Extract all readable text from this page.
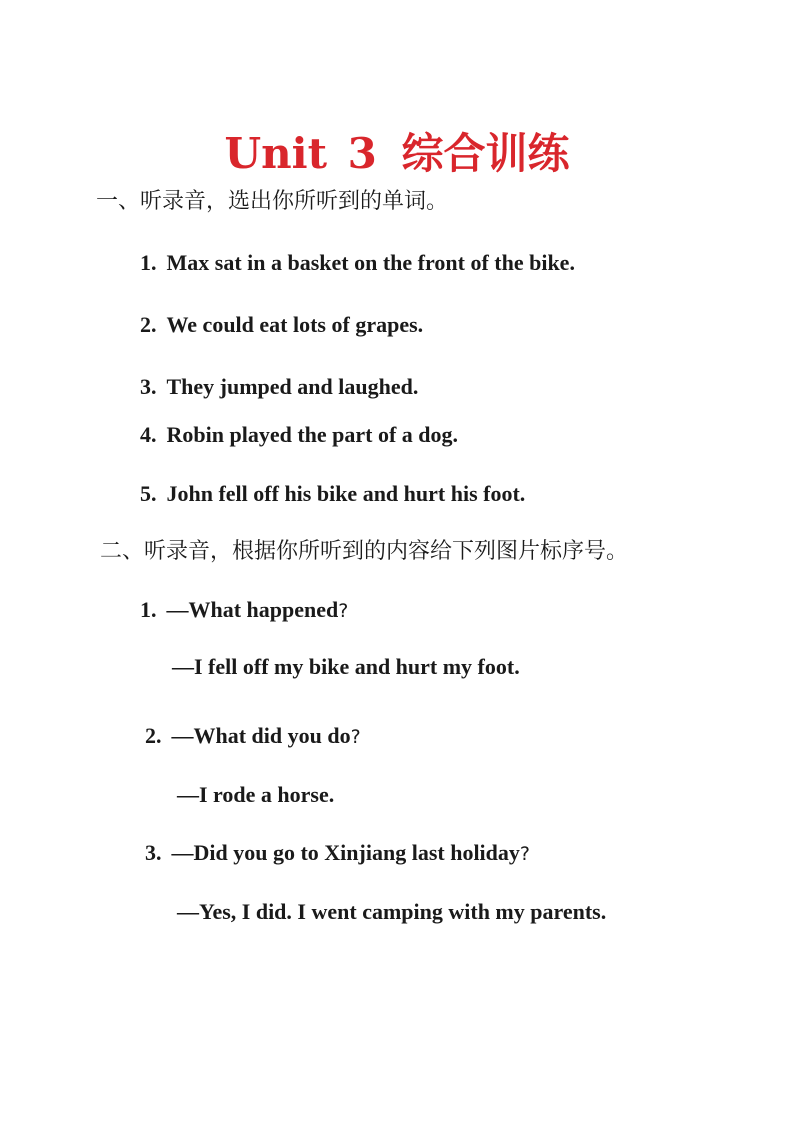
Unit 3 综合训练
一、听录音，选出你所听到的单词。
1. Max sat in a basket on the front of the bike.
2. We could eat lots of grapes.
3. They jumped and laughed.
4. Robin played the part of a dog.
5. John fell off his bike and hurt his foot.
二、听录音，根据你所听到的内容给下列图片标序号。
1. —What happened?
—I fell off my bike and hurt my foot.
2. —What did you do?
—I rode a horse.
3. —Did you go to Xinjiang last holiday?
—Yes, I did. I went camping with my parents.
